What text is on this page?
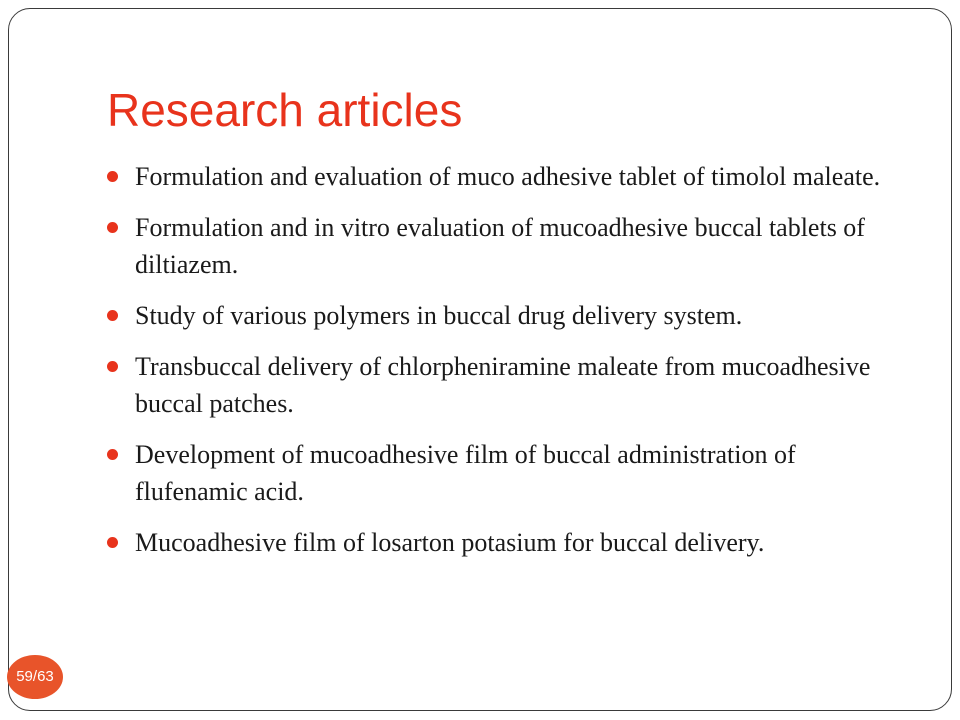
Research articles
Formulation and evaluation of muco adhesive tablet of timolol maleate.
Formulation and in vitro evaluation of mucoadhesive buccal tablets of diltiazem.
Study of various polymers in buccal drug delivery system.
Transbuccal delivery of chlorpheniramine maleate from mucoadhesive buccal patches.
Development of mucoadhesive film of buccal administration of flufenamic acid.
Mucoadhesive film of losarton potasium for buccal delivery.
59/63
